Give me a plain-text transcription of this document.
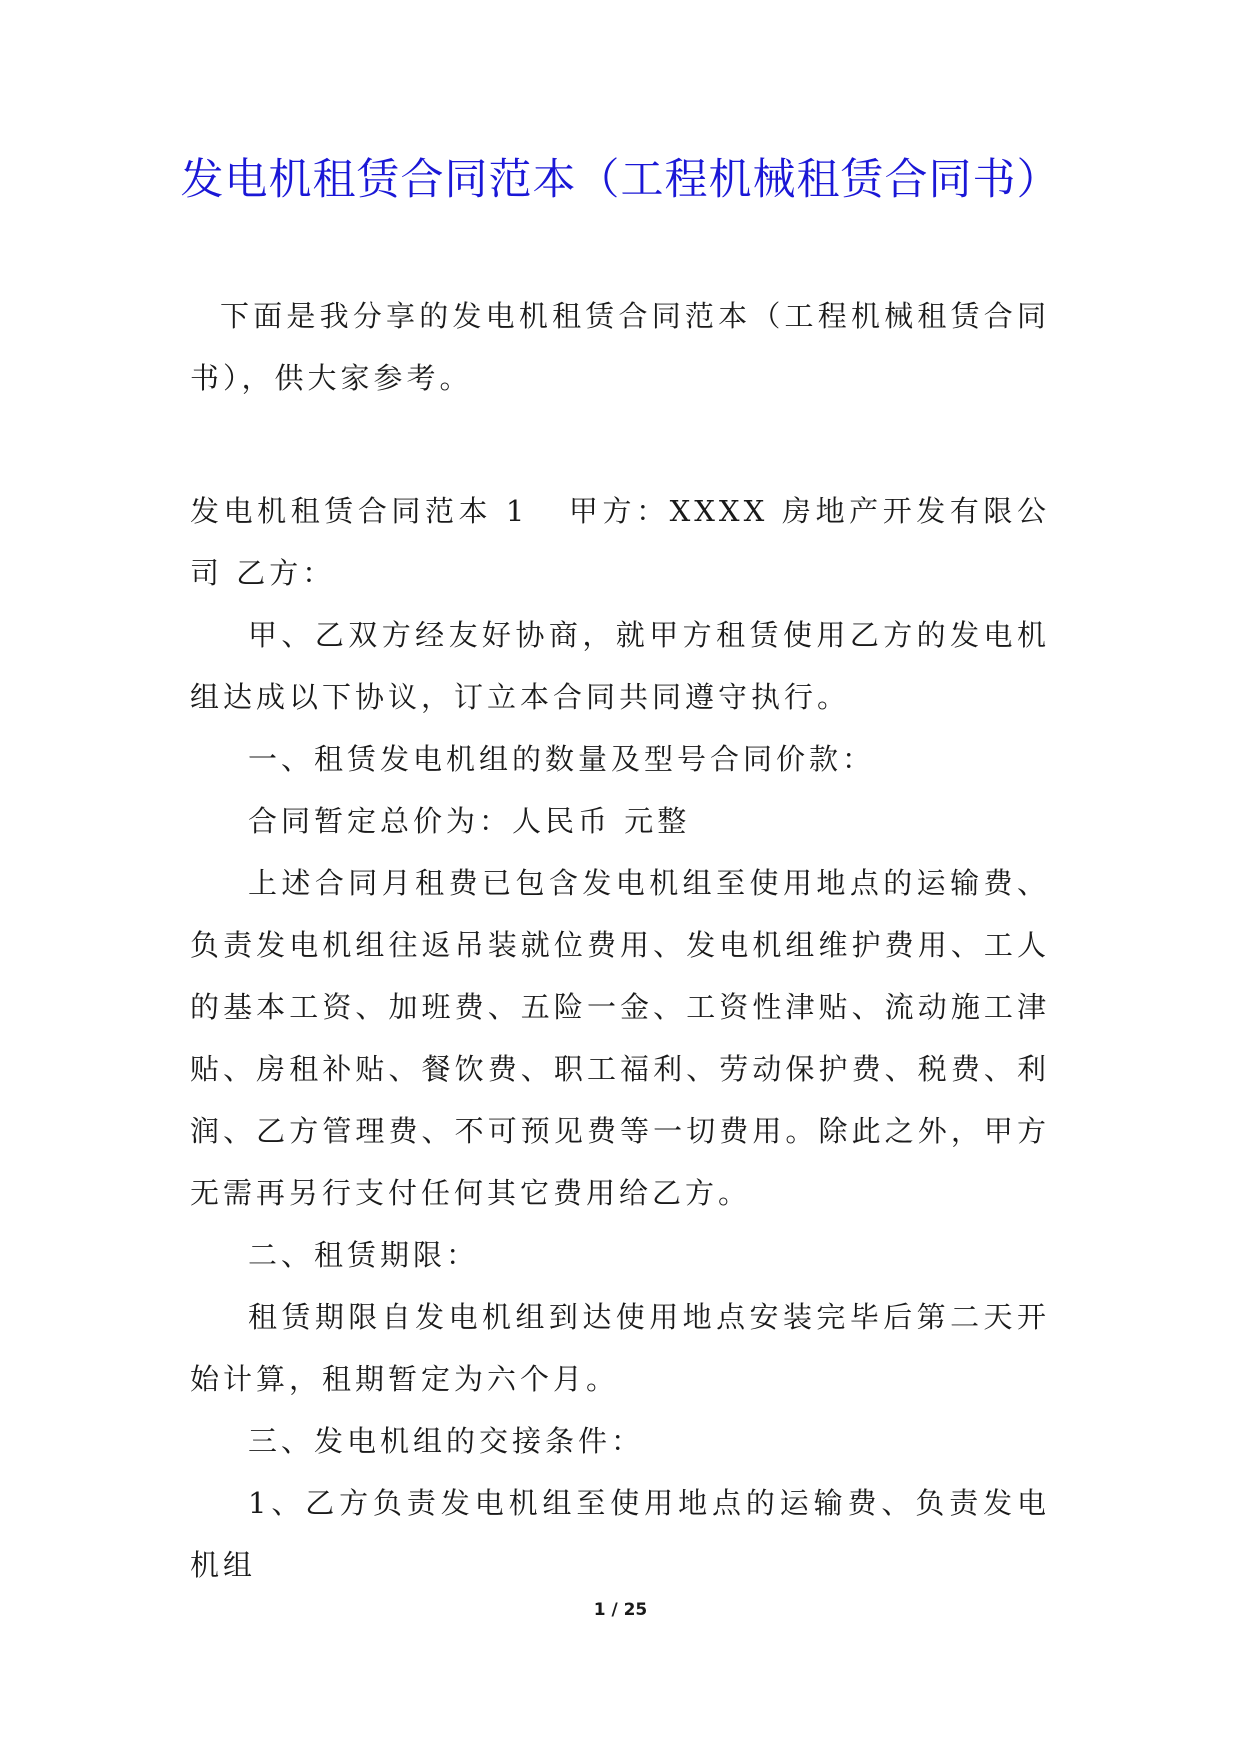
发电机租赁合同范本（工程机械租赁合同书）

下面是我分享的发电机租赁合同范本（工程机械租赁合同书），供大家参考。

发电机租赁合同范本 1 甲方：XXXX 房地产开发有限公司 乙方：

甲、乙双方经友好协商，就甲方租赁使用乙方的发电机组达成以下协议，订立本合同共同遵守执行。

一、租赁发电机组的数量及型号合同价款：

合同暂定总价为：人民币 元整

上述合同月租费已包含发电机组至使用地点的运输费、负责发电机组往返吊装就位费用、发电机组维护费用、工人的基本工资、加班费、五险一金、工资性津贴、流动施工津贴、房租补贴、餐饮费、职工福利、劳动保护费、税费、利润、乙方管理费、不可预见费等一切费用。除此之外，甲方无需再另行支付任何其它费用给乙方。

二、租赁期限：

租赁期限自发电机组到达使用地点安装完毕后第二天开始计算，租期暂定为六个月。

三、发电机组的交接条件：

1、乙方负责发电机组至使用地点的运输费、负责发电机组

1 / 25
